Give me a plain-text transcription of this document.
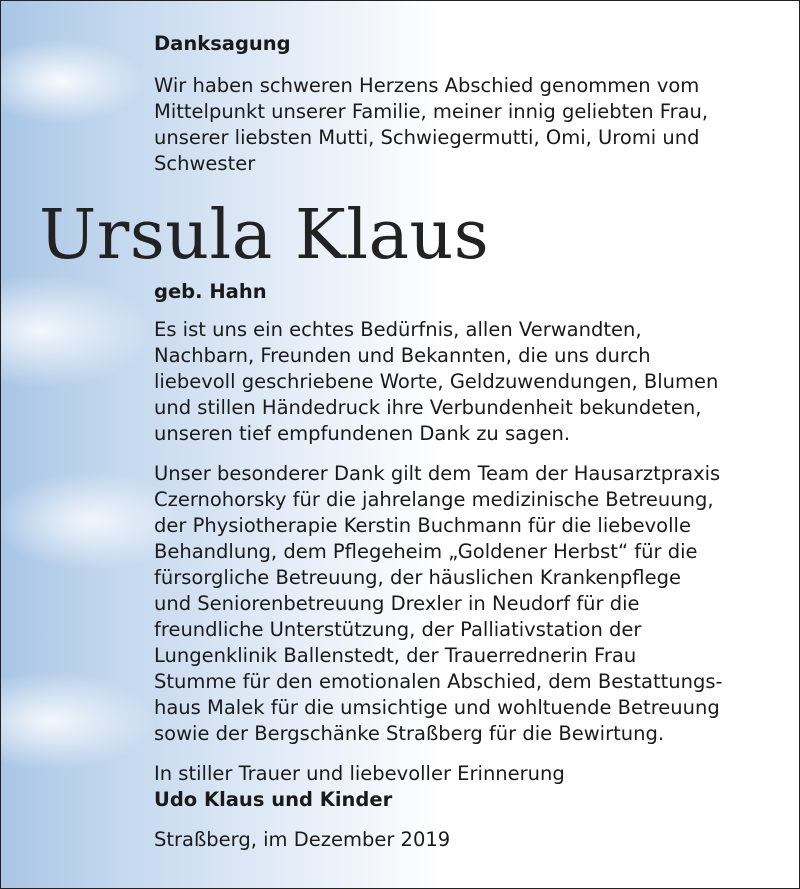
Ursula Klaus

Danksagung

Wir haben schweren Herzens Abschied genommen vom

Mittelpunkt unserer Familie, meiner innig geliebten Frau,

unserer liebsten Mutti, Schwiegermutti, Omi, Uromi und

Schwester

geb. Hahn

Es ist uns ein echtes Bedürfnis, allen Verwandten,

Nachbarn, Freunden und Bekannten, die uns durch

liebevoll geschriebene Worte, Geldzuwendungen, Blumen

und stillen Händedruck ihre Verbundenheit bekundeten,

unseren tief empfundenen Dank zu sagen.

Unser besonderer Dank gilt dem Team der Hausarztpraxis

Czernohorsky für die jahrelange medizinische Betreuung,

der Physiotherapie Kerstin Buchmann für die liebevolle

Behandlung, dem Pflegeheim „Goldener Herbst“ für die

fürsorgliche Betreuung, der häuslichen Krankenpflege

und Seniorenbetreuung Drexler in Neudorf für die

freundliche Unterstützung, der Palliativstation der

Lungenklinik Ballenstedt, der Trauerrednerin Frau

Stumme für den emotionalen Abschied, dem Bestattungs-

haus Malek für die umsichtige und wohltuende Betreuung

sowie der Bergschänke Straßberg für die Bewirtung.

In stiller Trauer und liebevoller Erinnerung

Udo Klaus und Kinder

Straßberg, im Dezember 2019
